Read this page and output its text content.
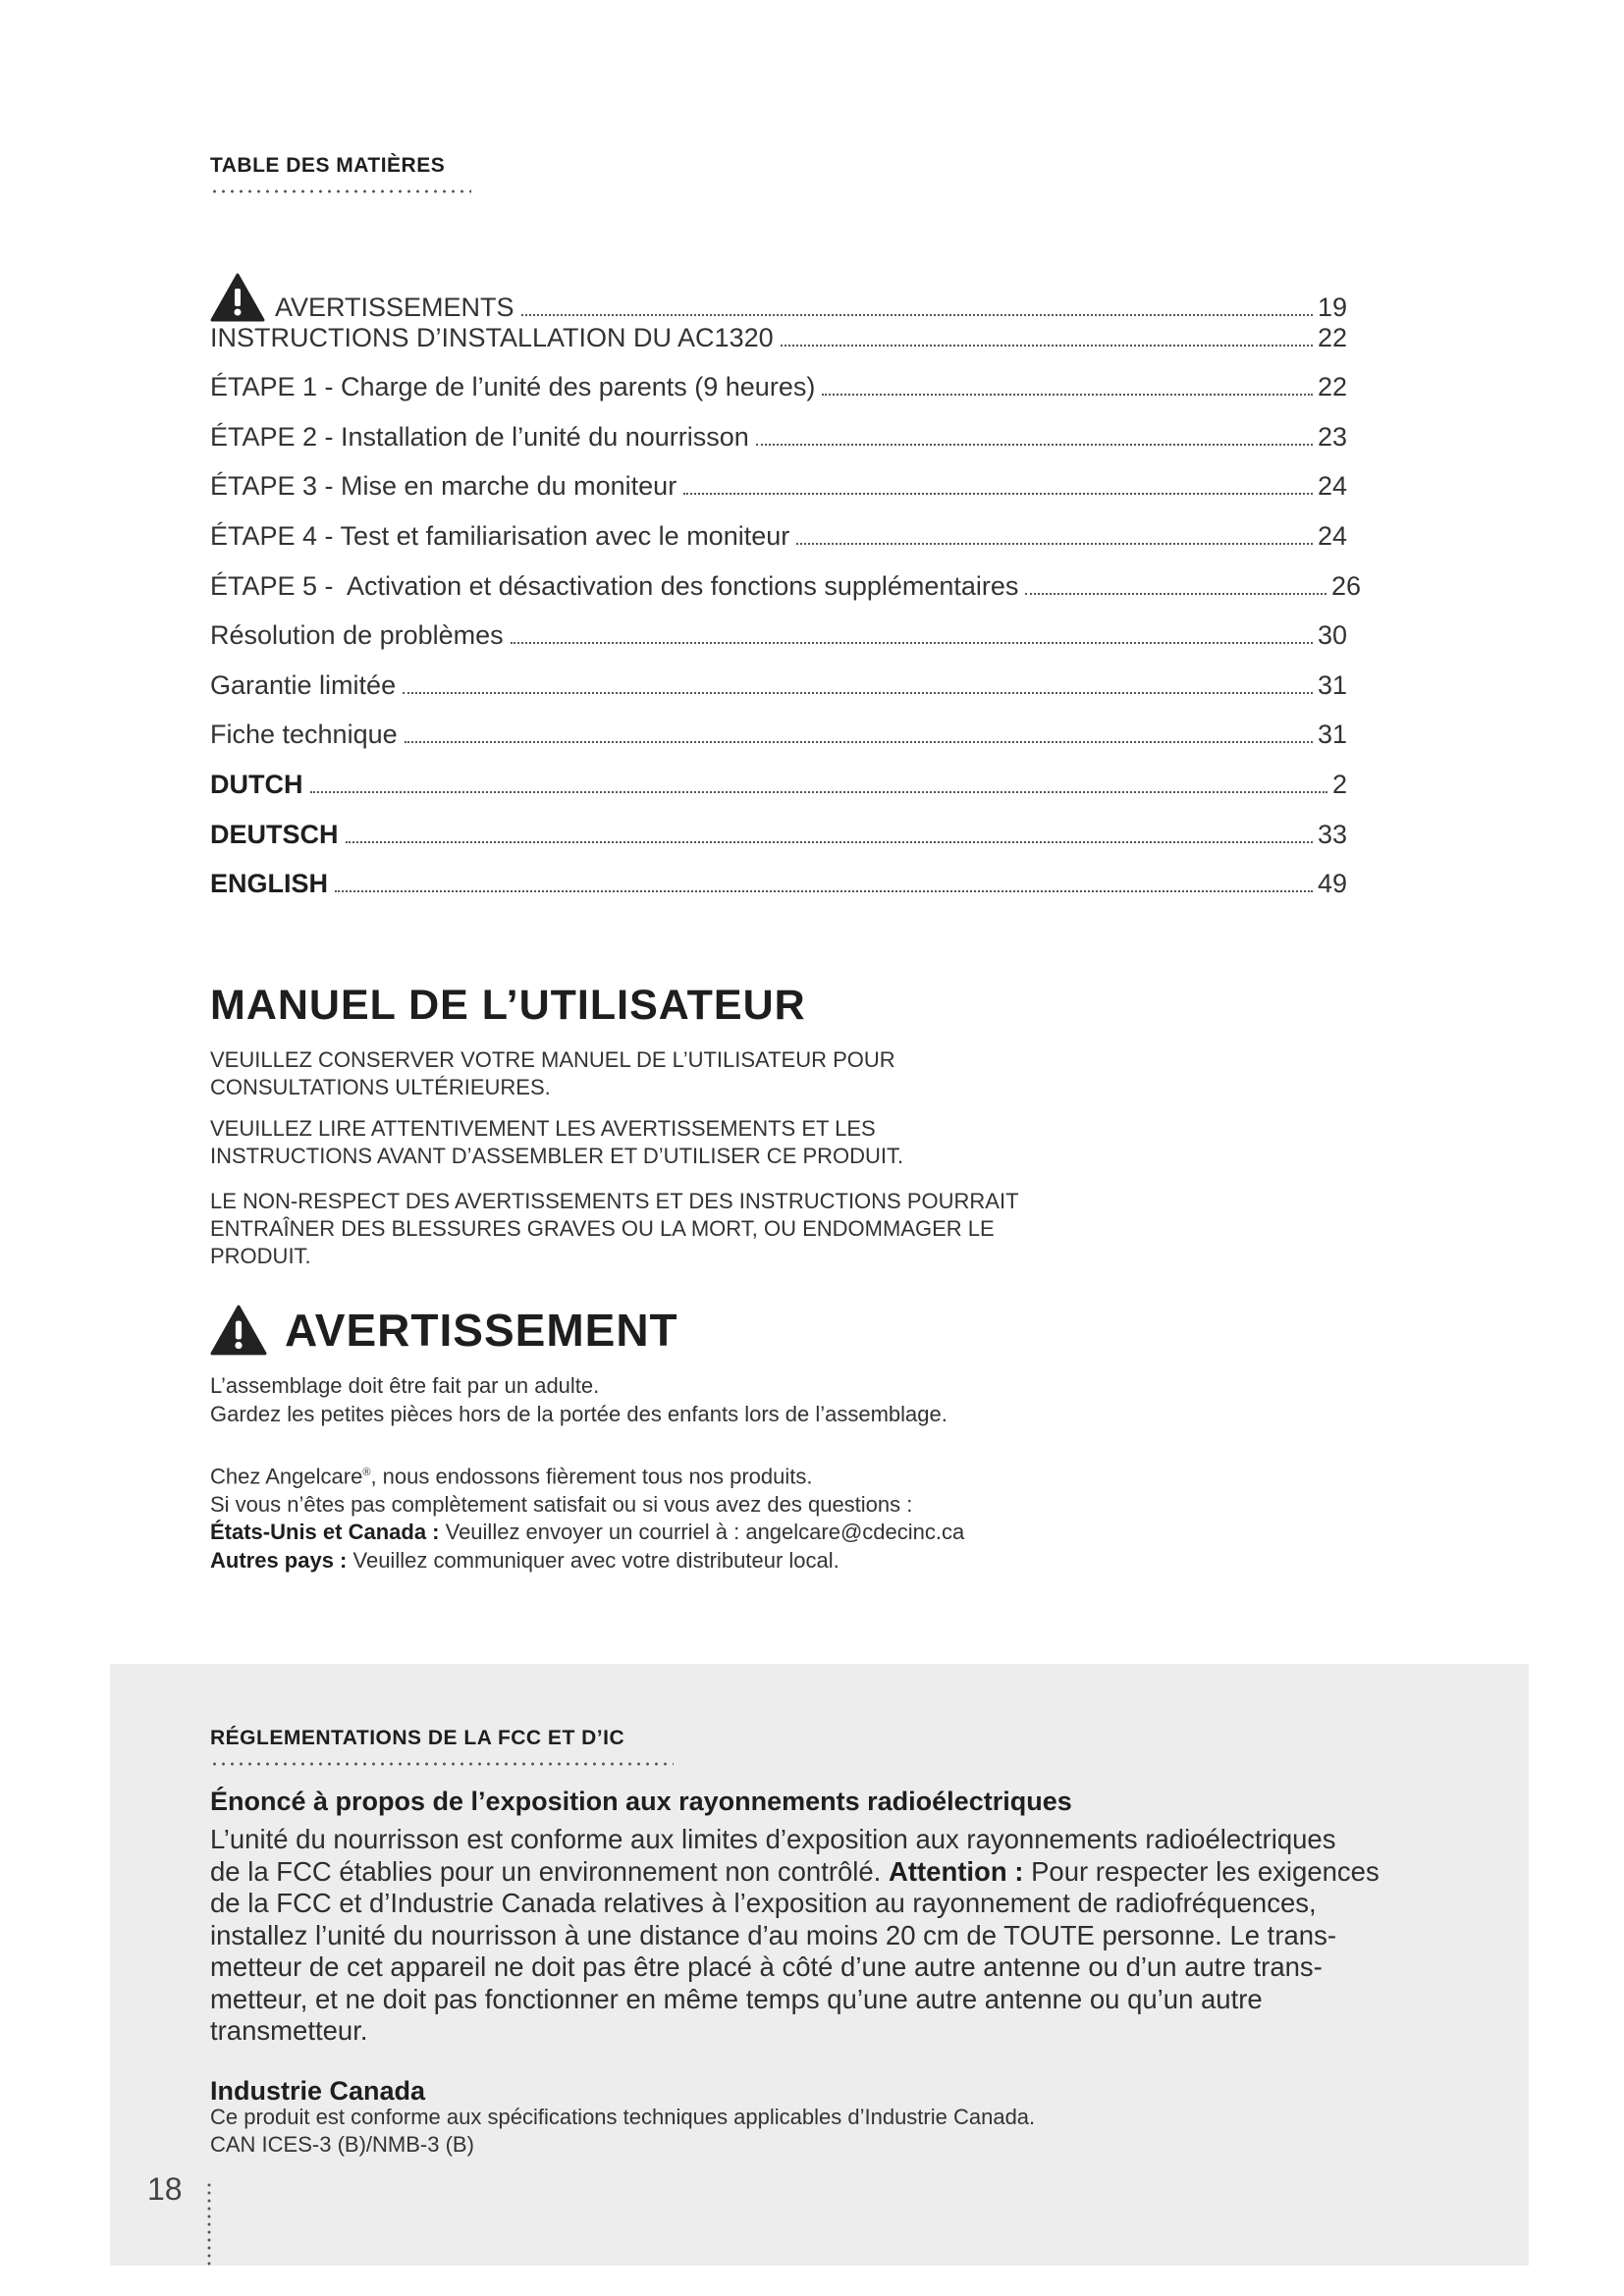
TABLE DES MATIÈRES
AVERTISSEMENTS	19
INSTRUCTIONS D’INSTALLATION DU AC1320	22
ÉTAPE 1 - Charge de l’unité des parents (9 heures)	22
ÉTAPE 2 - Installation de l’unité du nourrisson	23
ÉTAPE 3 - Mise en marche du moniteur	24
ÉTAPE 4 - Test et familiarisation avec le moniteur	24
ÉTAPE 5 -  Activation et désactivation des fonctions supplémentaires	26
Résolution de problèmes	30
Garantie limitée	31
Fiche technique	31
DUTCH	2
DEUTSCH	33
ENGLISH	49
MANUEL DE L’UTILISATEUR

VEUILLEZ CONSERVER VOTRE MANUEL DE L’UTILISATEUR POUR
CONSULTATIONS ULTÉRIEURES.

VEUILLEZ LIRE ATTENTIVEMENT LES AVERTISSEMENTS ET LES
INSTRUCTIONS AVANT D’ASSEMBLER ET D’UTILISER CE PRODUIT.

LE NON-RESPECT DES AVERTISSEMENTS ET DES INSTRUCTIONS POURRAIT
ENTRAÎNER DES BLESSURES GRAVES OU LA MORT, OU ENDOMMAGER LE
PRODUIT.

AVERTISSEMENT

L’assemblage doit être fait par un adulte.
Gardez les petites pièces hors de la portée des enfants lors de l’assemblage.

Chez Angelcare®, nous endossons fièrement tous nos produits.
Si vous n’êtes pas complètement satisfait ou si vous avez des questions :
États-Unis et Canada : Veuillez envoyer un courriel à : angelcare@cdecinc.ca
Autres pays : Veuillez communiquer avec votre distributeur local.

RÉGLEMENTATIONS DE LA FCC ET D’IC
Énoncé à propos de l’exposition aux rayonnements radioélectriques

L’unité du nourrisson est conforme aux limites d’exposition aux rayonnements radioélectriques
de la FCC établies pour un environnement non contrôlé. Attention : Pour respecter les exigences
de la FCC et d’Industrie Canada relatives à l’exposition au rayonnement de radiofréquences,
installez l’unité du nourrisson à une distance d’au moins 20 cm de TOUTE personne. Le trans-
metteur de cet appareil ne doit pas être placé à côté d’une autre antenne ou d’un autre trans-
metteur, et ne doit pas fonctionner en même temps qu’une autre antenne ou qu’un autre
transmetteur.

Industrie Canada

Ce produit est conforme aux spécifications techniques applicables d’Industrie Canada.
CAN ICES-3 (B)/NMB-3 (B)

18
